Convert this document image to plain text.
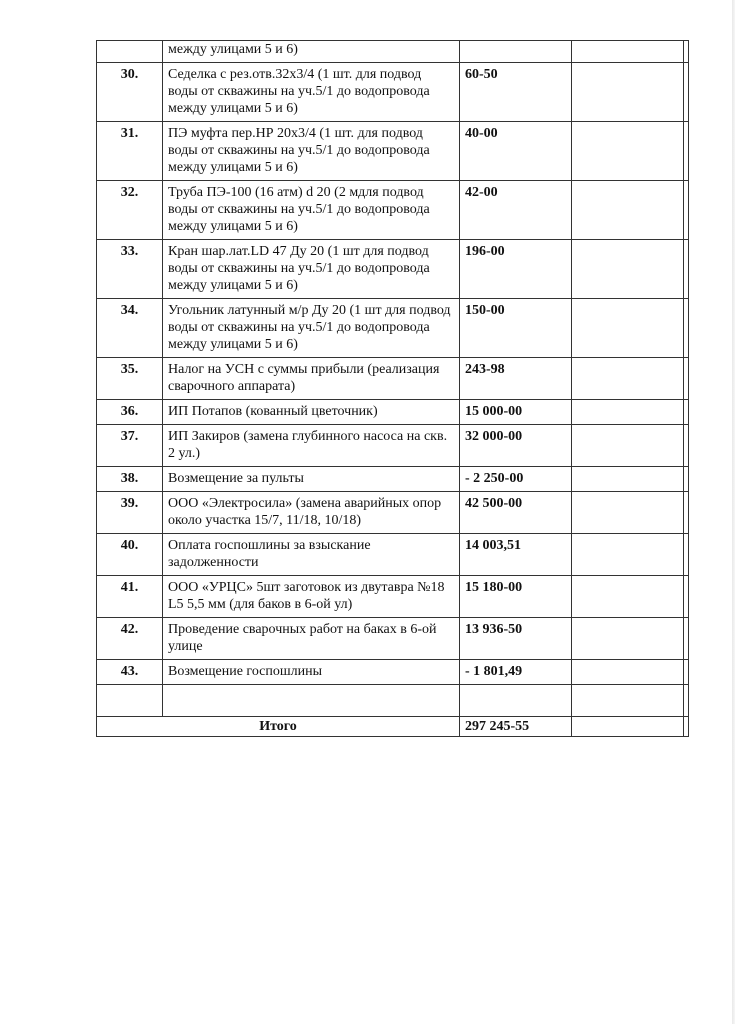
	между улицами 5 и 6)			
30.	Седелка с рез.отв.32х3/4 (1 шт. для подвод воды от скважины на уч.5/1 до водопровода между улицами 5 и 6)	60-50		
31.	ПЭ муфта пер.НР 20х3/4 (1 шт. для подвод воды от скважины на уч.5/1 до водопровода между улицами 5 и 6)	40-00		
32.	Труба ПЭ-100 (16 атм) d 20 (2 мдля подвод воды от скважины на уч.5/1 до водопровода между улицами 5 и 6)	42-00		
33.	Кран шар.лат.LD 47 Ду 20 (1 шт для подвод воды от скважины на уч.5/1 до водопровода между улицами 5 и 6)	196-00		
34.	Угольник латунный м/р Ду 20 (1 шт для подвод воды от скважины на уч.5/1 до водопровода между улицами 5 и 6)	150-00		
35.	Налог на УСН с суммы прибыли (реализация сварочного аппарата)	243-98		
36.	ИП Потапов (кованный цветочник)	15 000-00		
37.	ИП Закиров (замена глубинного насоса на скв. 2 ул.)	32 000-00		
38.	Возмещение за пульты	- 2 250-00		
39.	ООО «Электросила» (замена аварийных опор около участка 15/7, 11/18, 10/18)	42 500-00		
40.	Оплата госпошлины за взыскание задолженности	14 003,51		
41.	ООО «УРЦС» 5шт заготовок из двутавра №18 L5 5,5 мм (для баков в 6-ой ул)	15 180-00		
42.	Проведение сварочных работ на баках в 6-ой улице	13 936-50		
43.	Возмещение госпошлины	- 1 801,49		

Итого		297 245-55		
